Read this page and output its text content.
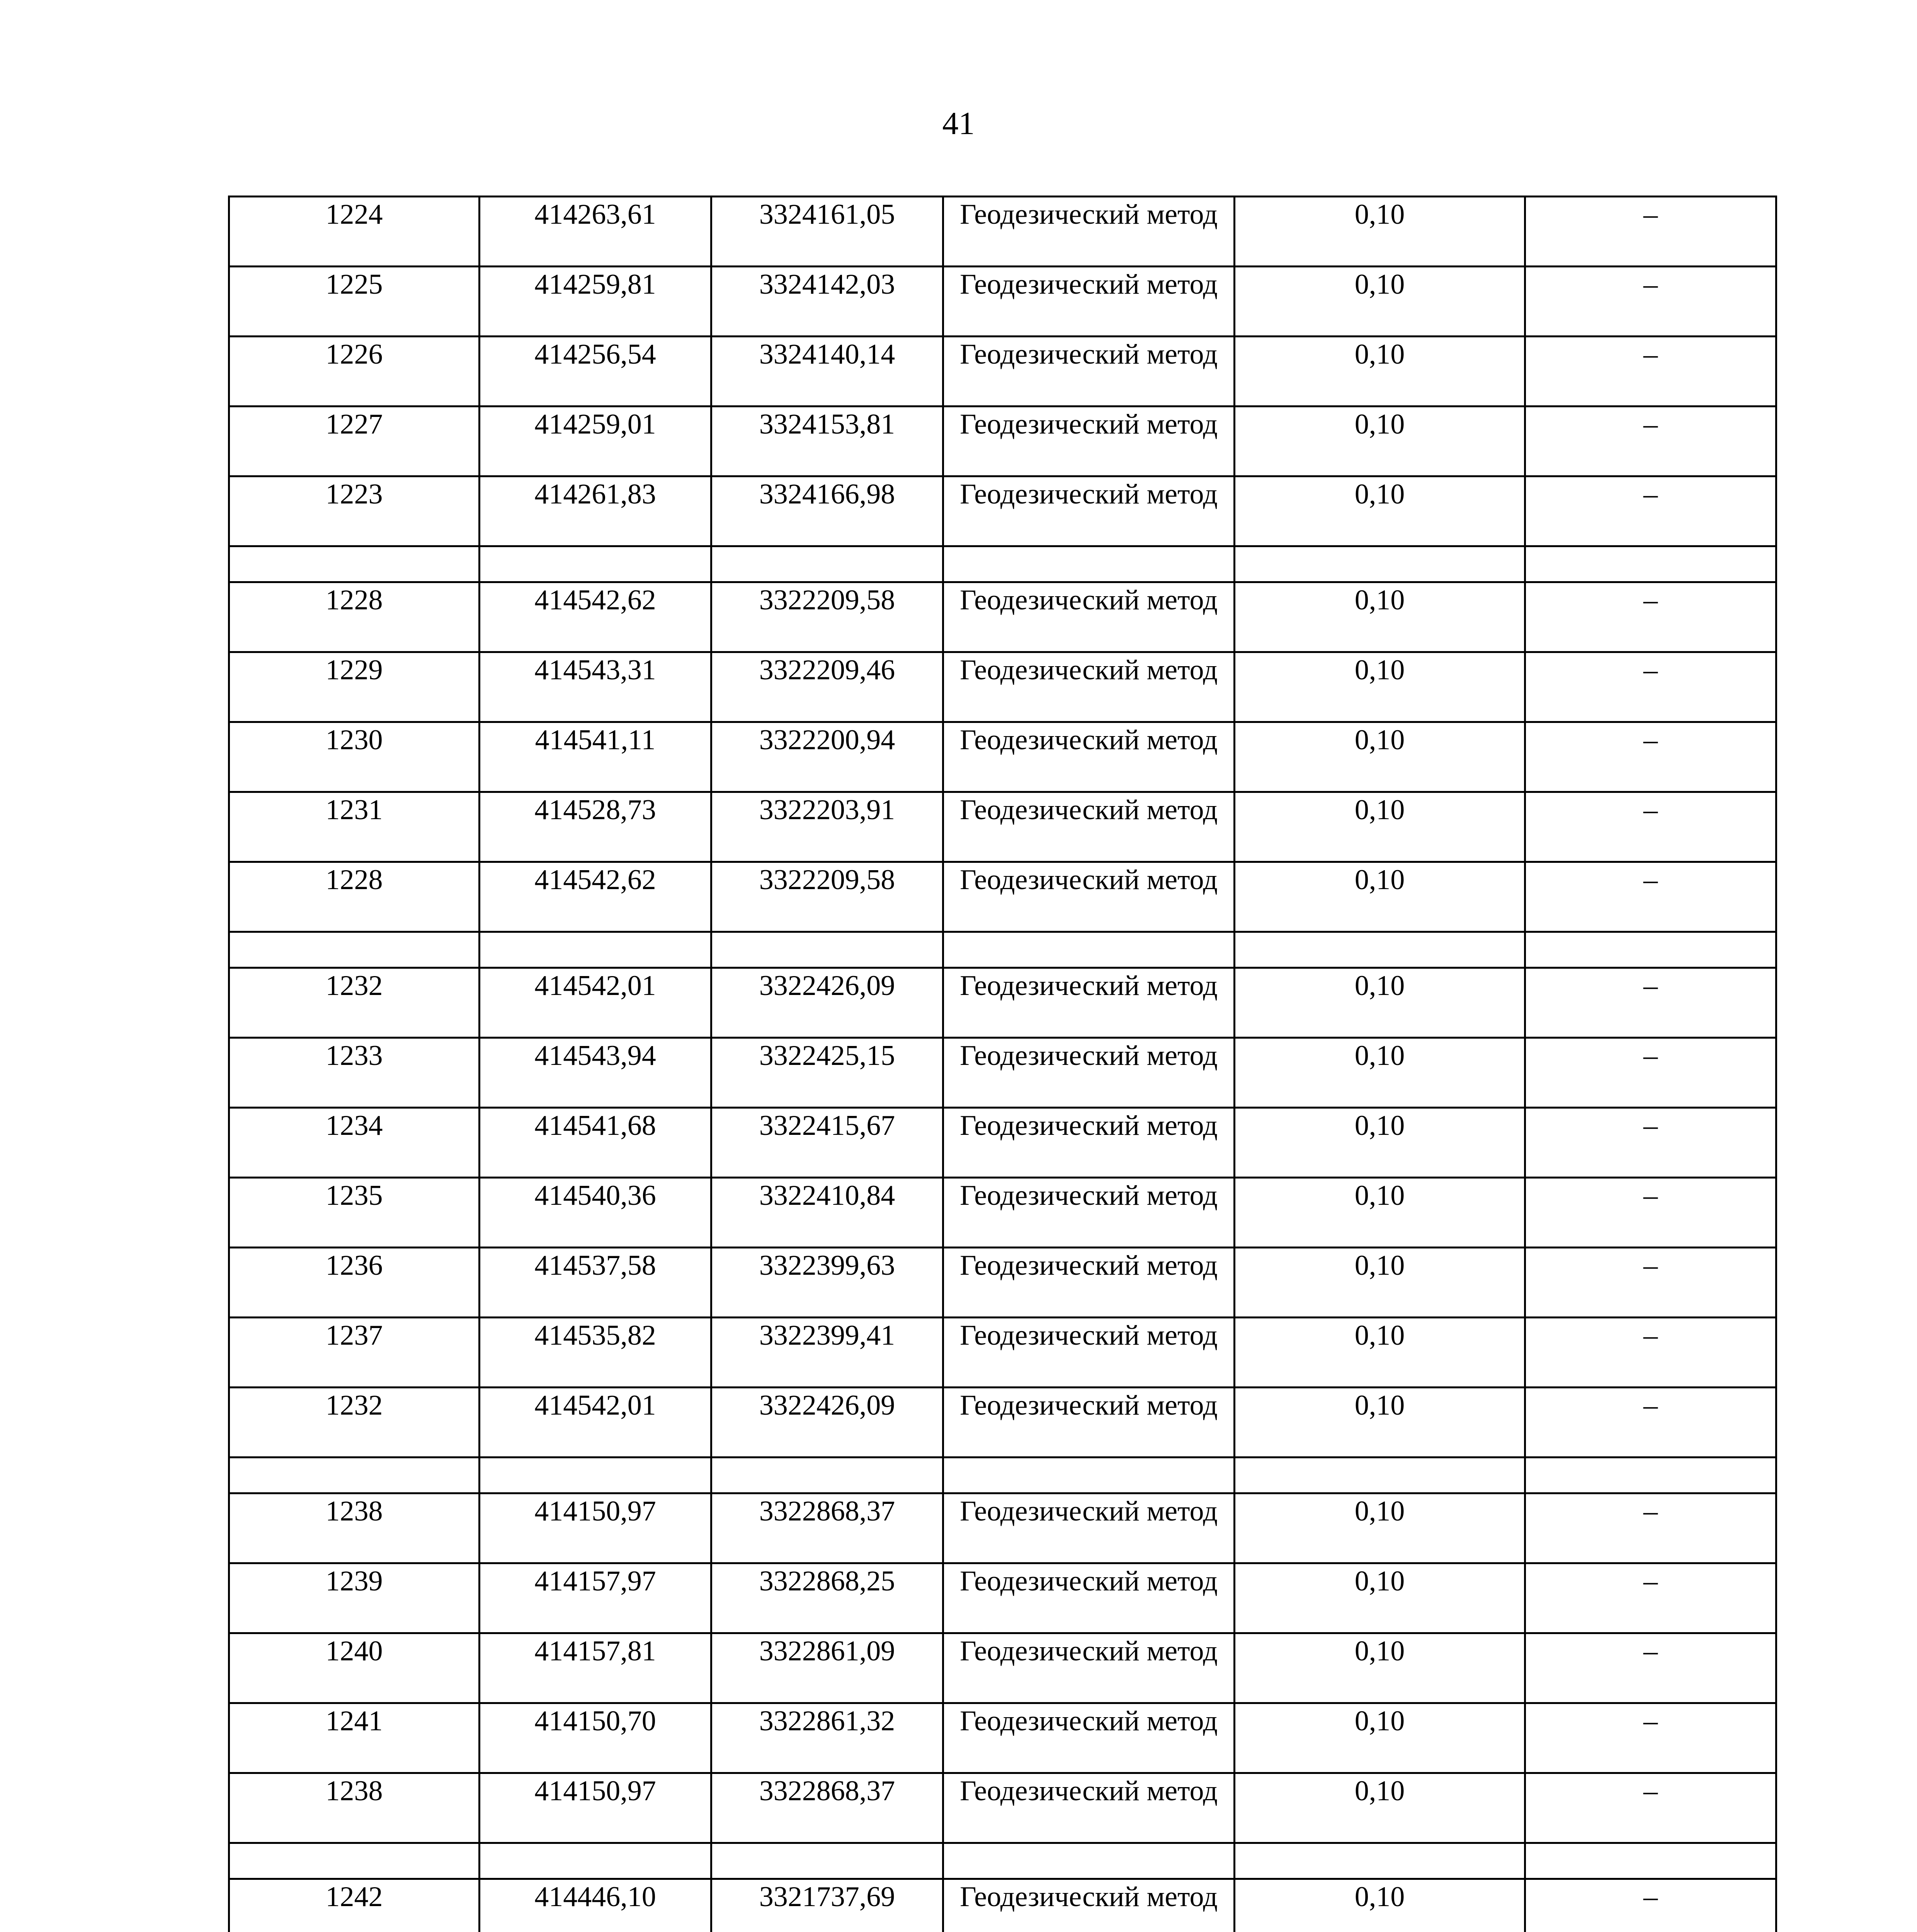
41
1224	414263,61	3324161,05	Геодезический метод	0,10	–
1225	414259,81	3324142,03	Геодезический метод	0,10	–
1226	414256,54	3324140,14	Геодезический метод	0,10	–
1227	414259,01	3324153,81	Геодезический метод	0,10	–
1223	414261,83	3324166,98	Геодезический метод	0,10	–

1228	414542,62	3322209,58	Геодезический метод	0,10	–
1229	414543,31	3322209,46	Геодезический метод	0,10	–
1230	414541,11	3322200,94	Геодезический метод	0,10	–
1231	414528,73	3322203,91	Геодезический метод	0,10	–
1228	414542,62	3322209,58	Геодезический метод	0,10	–

1232	414542,01	3322426,09	Геодезический метод	0,10	–
1233	414543,94	3322425,15	Геодезический метод	0,10	–
1234	414541,68	3322415,67	Геодезический метод	0,10	–
1235	414540,36	3322410,84	Геодезический метод	0,10	–
1236	414537,58	3322399,63	Геодезический метод	0,10	–
1237	414535,82	3322399,41	Геодезический метод	0,10	–
1232	414542,01	3322426,09	Геодезический метод	0,10	–

1238	414150,97	3322868,37	Геодезический метод	0,10	–
1239	414157,97	3322868,25	Геодезический метод	0,10	–
1240	414157,81	3322861,09	Геодезический метод	0,10	–
1241	414150,70	3322861,32	Геодезический метод	0,10	–
1238	414150,97	3322868,37	Геодезический метод	0,10	–

1242	414446,10	3321737,69	Геодезический метод	0,10	–
